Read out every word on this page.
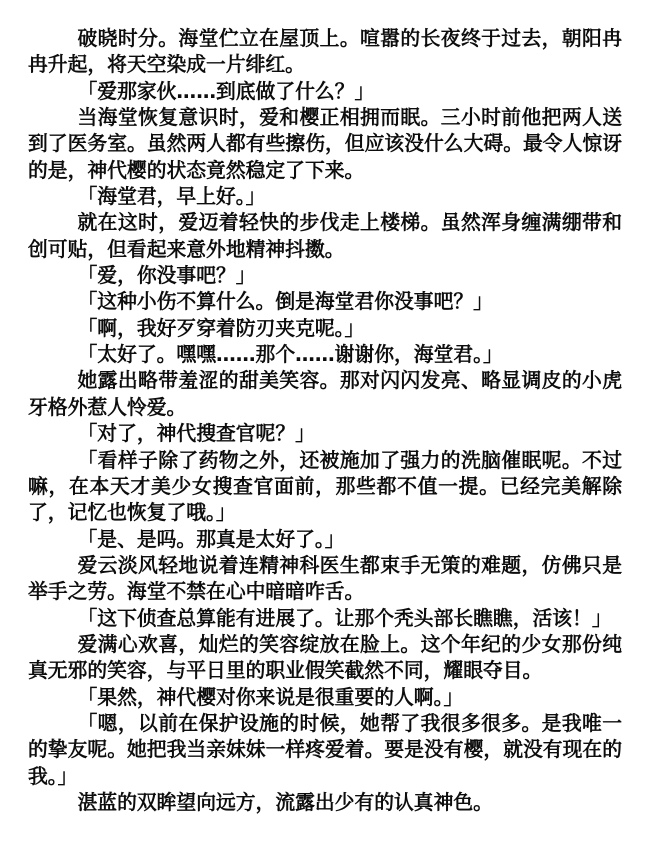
破晓时分。海堂伫立在屋顶上。喧嚣的长夜终于过去，朝阳冉冉升起，将天空染成一片绯红。

「爱那家伙……到底做了什么？」

当海堂恢复意识时，爱和樱正相拥而眠。三小时前他把两人送到了医务室。虽然两人都有些擦伤，但应该没什么大碍。最令人惊讶的是，神代樱的状态竟然稳定了下来。

「海堂君，早上好。」

就在这时，爱迈着轻快的步伐走上楼梯。虽然浑身缠满绷带和创可贴，但看起来意外地精神抖擞。

「爱，你没事吧？」

「这种小伤不算什么。倒是海堂君你没事吧？」

「啊，我好歹穿着防刃夹克呢。」

「太好了。嘿嘿……那个……谢谢你，海堂君。」

她露出略带羞涩的甜美笑容。那对闪闪发亮、略显调皮的小虎牙格外惹人怜爱。

「对了，神代搜查官呢？」

「看样子除了药物之外，还被施加了强力的洗脑催眠呢。不过嘛，在本天才美少女搜查官面前，那些都不值一提。已经完美解除了，记忆也恢复了哦。」

「是、是吗。那真是太好了。」

爱云淡风轻地说着连精神科医生都束手无策的难题，仿佛只是举手之劳。海堂不禁在心中暗暗咋舌。

「这下侦查总算能有进展了。让那个秃头部长瞧瞧，活该！」

爱满心欢喜，灿烂的笑容绽放在脸上。这个年纪的少女那份纯真无邪的笑容，与平日里的职业假笑截然不同，耀眼夺目。

「果然，神代樱对你来说是很重要的人啊。」

「嗯，以前在保护设施的时候，她帮了我很多很多。是我唯一的挚友呢。她把我当亲妹妹一样疼爱着。要是没有樱，就没有现在的我。」

湛蓝的双眸望向远方，流露出少有的认真神色。
